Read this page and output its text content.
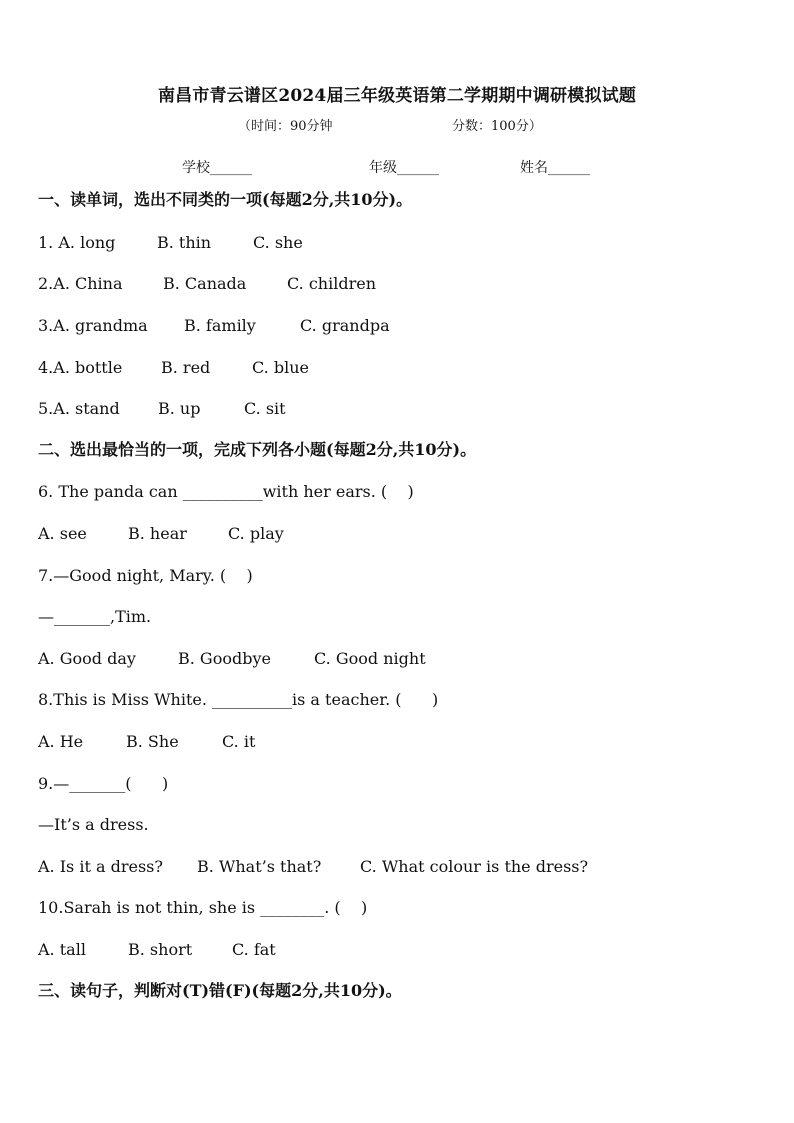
南昌市青云谱区2024届三年级英语第二学期期中调研模拟试题
（时间：90分钟	分数：100分）
学校______	年级______	姓名______
一、读单词，选出不同类的一项(每题2分,共10分)。
1. A. long	B. thin	C. she
2.A. China	B. Canada	C. children
3.A. grandma B. family	C. grandpa
4.A. bottle B. red	C. blue
5.A. stand B. up	C. sit
二、选出最恰当的一项，完成下列各小题(每题2分,共10分)。
6. The panda can __________with her ears. (    )
A. see	B. hear	C. play
7.—Good night, Mary. (    )
—_______,Tim.
A. Good day	B. Goodbye	C. Good night
8.This is Miss White. __________is a teacher. (      )
A. He	B. She	C. it
9.—_______(      )
—It’s a dress.
A. Is it a dress? B. What’s that? C. What colour is the dress?
10.Sarah is not thin, she is ________. (    )
A. tall	B. short C. fat
三、读句子，判断对(T)错(F)(每题2分,共10分)。
